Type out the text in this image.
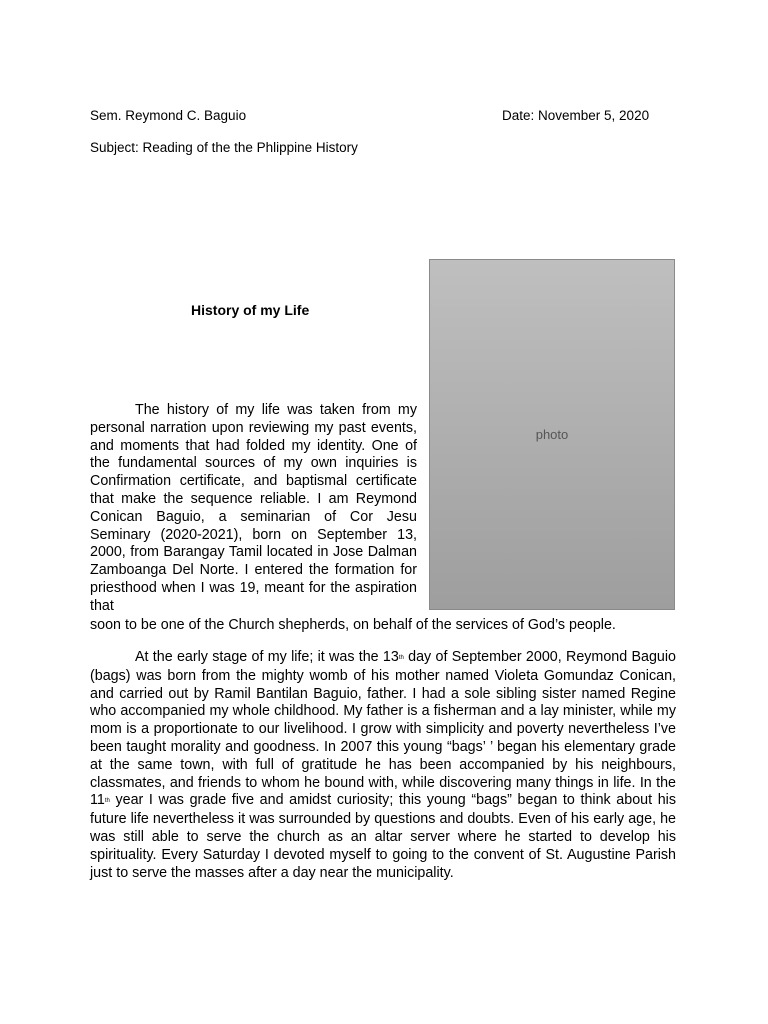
Sem. Reymond C. Baguio	Date: November 5, 2020
Subject: Reading of the the Phlippine History
History of my Life
photo

The history of my life was taken from my personal narration upon reviewing my past events, and moments that had folded my identity. One of the fundamental sources of my own inquiries is Confirmation certificate, and baptismal certificate that make the sequence reliable. I am Reymond Conican Baguio, a seminarian of Cor Jesu Seminary (2020-2021), born on September 13, 2000, from Barangay Tamil located in Jose Dalman Zamboanga Del Norte. I entered the formation for priesthood when I was 19, meant for the aspiration that

soon to be one of the Church shepherds, on behalf of the services of God’s people.

At the early stage of my life; it was the 13th day of September 2000, Reymond Baguio (bags) was born from the mighty womb of his mother named Violeta Gomundaz Conican, and carried out by Ramil Bantilan Baguio, father. I had a sole sibling sister named Regine who accompanied my whole childhood. My father is a fisherman and a lay minister, while my mom is a proportionate to our livelihood. I grow with simplicity and poverty nevertheless I’ve been taught morality and goodness. In 2007 this young “bags’ ’ began his elementary grade at the same town, with full of gratitude he has been accompanied by his neighbours, classmates, and friends to whom he bound with, while discovering many things in life. In the 11th year I was grade five and amidst curiosity; this young “bags” began to think about his future life nevertheless it was surrounded by questions and doubts. Even of his early age, he was still able to serve the church as an altar server where he started to develop his spirituality. Every Saturday I devoted myself to going to the convent of St. Augustine Parish just to serve the masses after a day near the municipality.
